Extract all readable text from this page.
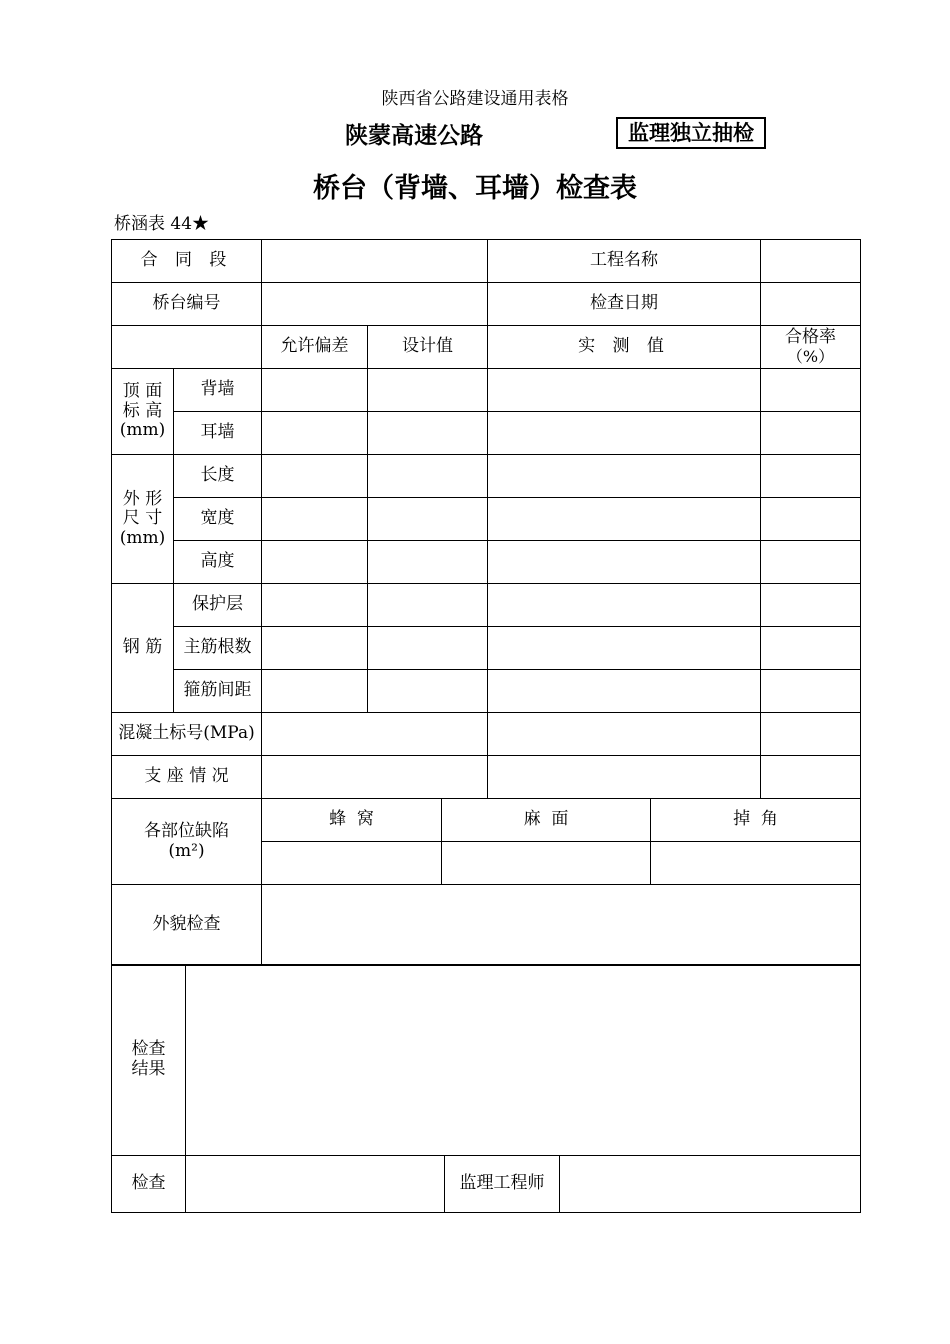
陕西省公路建设通用表格
陕蒙高速公路	监理独立抽检
桥台（背墙、耳墙）检查表
桥涵表 44★
合 同 段				工程名称	
桥台编号				检查日期	
		允许偏差	设计值	实 测 值	合格率
（%）

顶 面
标 高
(mm)	背墙				
	耳墙				

外 形
尺 寸
(mm)	长度				
	宽度				
	高度				
钢 筋	保护层				
	主筋根数				
	箍筋间距				
混凝土标号(MPa)					
支 座 情 况					
各部位缺陷
(m²)	蜂  窝	麻  面	掉  角

外貌检查			
检查
结果			

检查		监理工程师	
